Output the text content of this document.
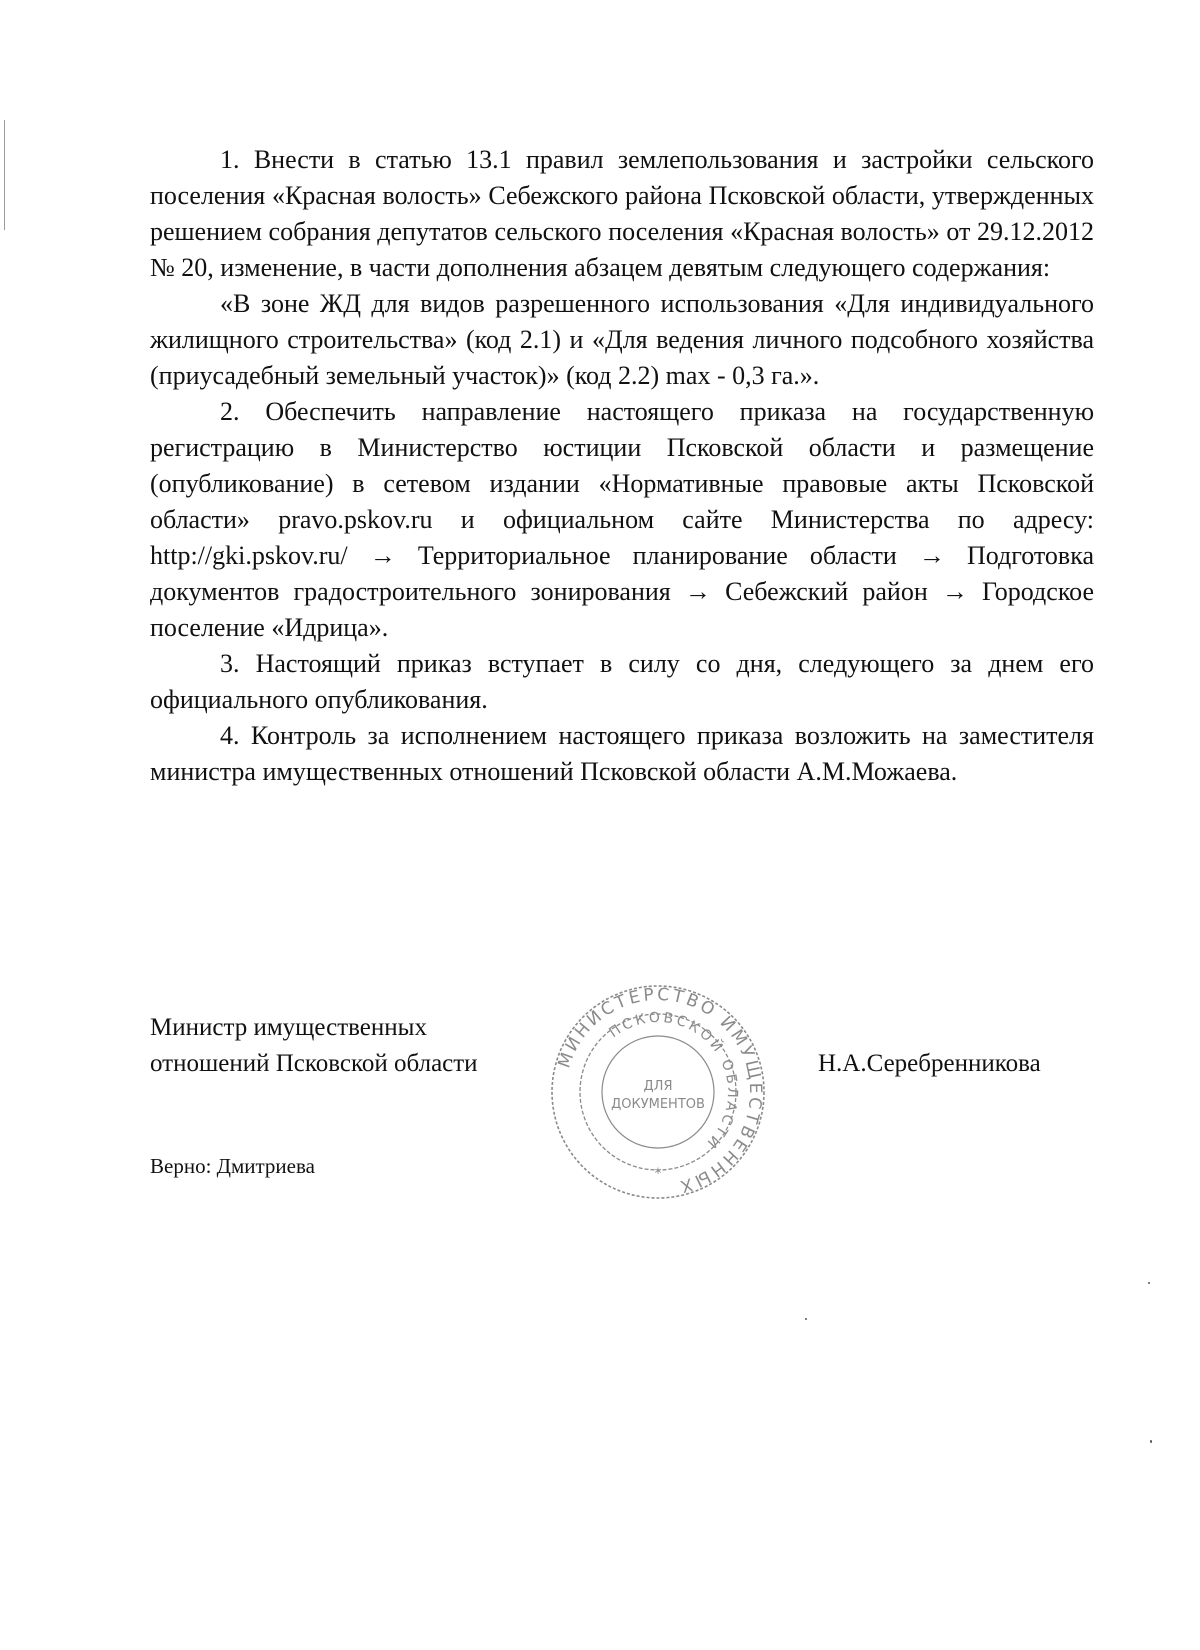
1. Внести в статью 13.1 правил землепользования и застройки сельского поселения «Красная волость» Себежского района Псковской области, утвержденных решением собрания депутатов сельского поселения «Красная волость» от 29.12.2012 № 20, изменение, в части дополнения абзацем девятым следующего содержания:

«В зоне ЖД для видов разрешенного использования «Для индивидуального жилищного строительства» (код 2.1) и «Для ведения личного подсобного хозяйства (приусадебный земельный участок)» (код 2.2) max - 0,3 га.».

2. Обеспечить направление настоящего приказа на государственную регистрацию в Министерство юстиции Псковской области и размещение (опубликование) в сетевом издании «Нормативные правовые акты Псковской области» pravo.pskov.ru и официальном сайте Министерства по адресу: http://gki.pskov.ru/ → Территориальное планирование области → Подготовка документов градостроительного зонирования → Себежский район → Городское поселение «Идрица».

3. Настоящий приказ вступает в силу со дня, следующего за днем его официального опубликования.

4. Контроль за исполнением настоящего приказа возложить на заместителя министра имущественных отношений Псковской области А.М.Можаева.

Министр имущественных
отношений Псковской области	Н.А.Серебренникова
Верно: Дмитриева
МИНИСТЕРСТВО ИМУЩЕСТВЕННЫХ
ПСКОВСКОЙ ОБЛАСТИ
ДЛЯ
ДОКУМЕНТОВ
*
